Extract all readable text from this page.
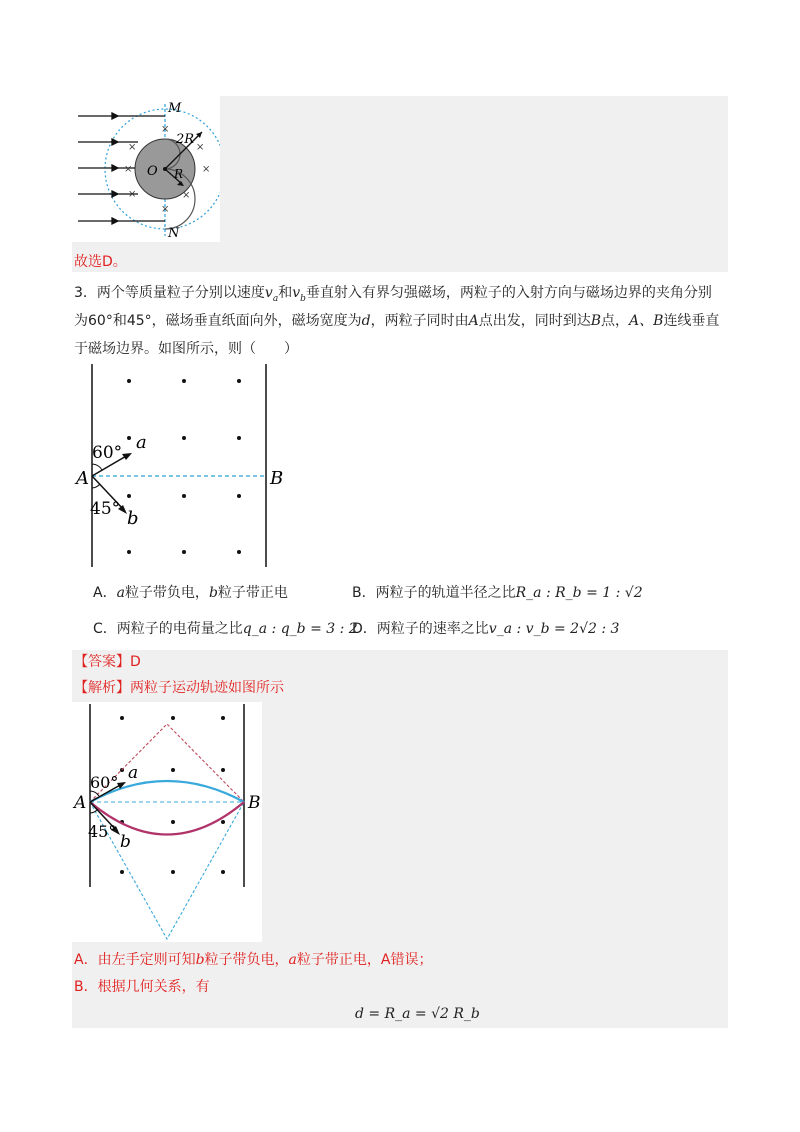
×
×
×
×
×
×
×
×
M
N
O R
2R
故选D。
3．两个等质量粒子分别以速度$v_a$和$v_b$垂直射入有界匀强磁场，两粒子的入射方向与磁场边界的夹角分别
为60°和45°，磁场垂直纸面向外，磁场宽度为d，两粒子同时由A点出发，同时到达B点，A、B连线垂直
于磁场边界。如图所示，则（　　）
A	B
a
b
60°
45°
A．a粒子带负电，b粒子带正电	B．两粒子的轨道半径之比R_a : R_b = 1 : √2
C．两粒子的电荷量之比q_a : q_b = 3 : 2
D．两粒子的速率之比v_a : v_b = 2√2 : 3
【答案】D
【解析】两粒子运动轨迹如图所示
A	B
a
b
60°
45°
A．由左手定则可知b粒子带负电，a粒子带正电，A错误；
B．根据几何关系，有
d = R_a = √2 R_b
